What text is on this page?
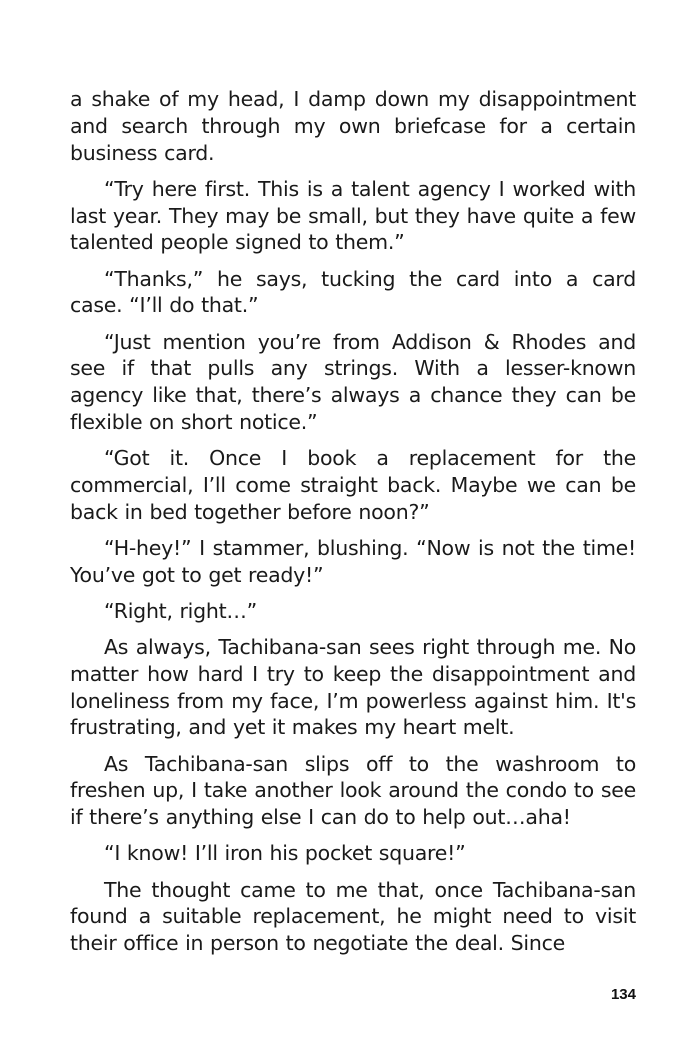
a shake of my head, I damp down my disappointment and search through my own briefcase for a certain business card.

“Try here first. This is a talent agency I worked with last year. They may be small, but they have quite a few talented people signed to them.”

“Thanks,” he says, tucking the card into a card case. “I’ll do that.”

“Just mention you’re from Addison & Rhodes and see if that pulls any strings. With a lesser-known agency like that, there’s always a chance they can be flexible on short notice.”

“Got it. Once I book a replacement for the commercial, I’ll come straight back. Maybe we can be back in bed together before noon?”

“H-hey!” I stammer, blushing. “Now is not the time! You’ve got to get ready!”

“Right, right…”

As always, Tachibana-san sees right through me. No matter how hard I try to keep the disappointment and loneliness from my face, I’m powerless against him. It's frustrating, and yet it makes my heart melt.

As Tachibana-san slips off to the washroom to freshen up, I take another look around the condo to see if there’s anything else I can do to help out…aha!

“I know! I’ll iron his pocket square!”

The thought came to me that, once Tachibana-san found a suitable replacement, he might need to visit their office in person to negotiate the deal. Since

134
